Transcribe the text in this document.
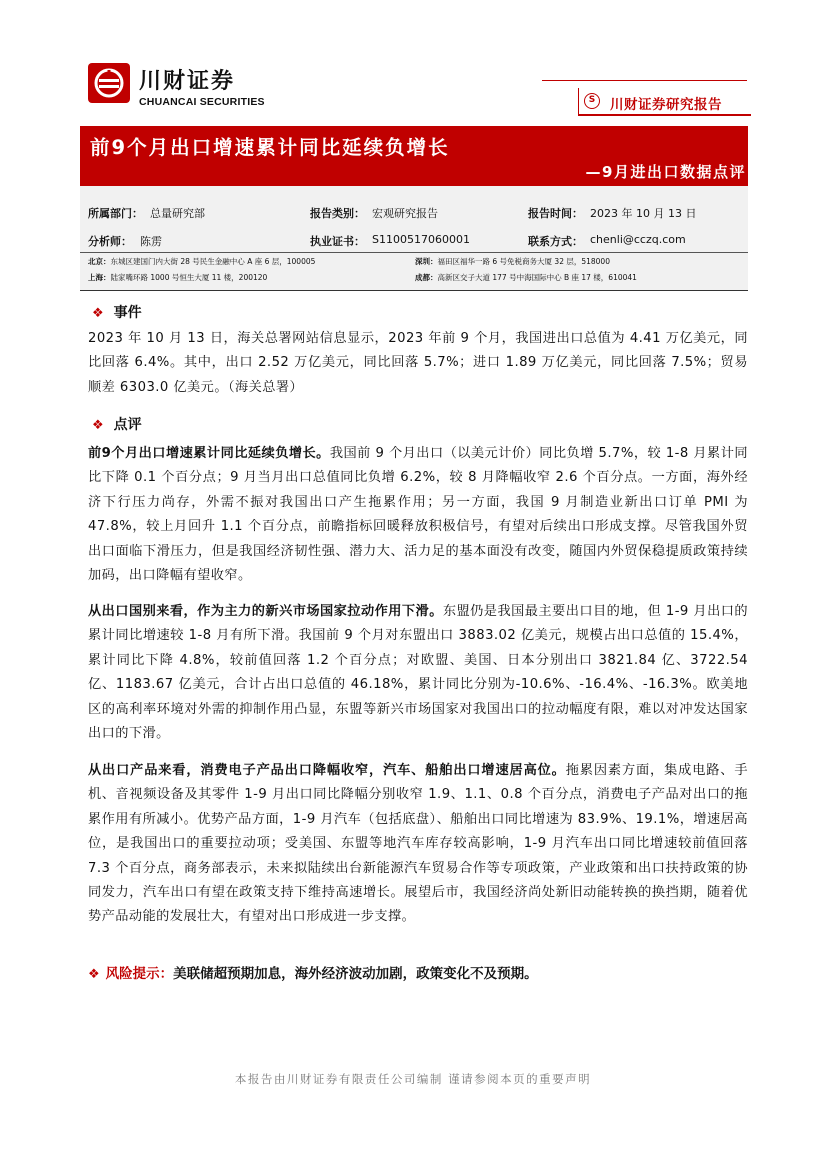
川财证券
CHUANCAI SECURITIES	S	川财证券研究报告
前9个月出口增速累计同比延续负增长
—9月进出口数据点评
所属部门： 总量研究部	报告类别： 宏观研究报告	报告时间： 2023 年 10 月 13 日
分析师： 陈雳	执业证书： S1100517060001	联系方式： chenli@cczq.com
北京：东城区建国门内大街 28 号民生金融中心 A 座 6 层，100005	深圳：福田区福华一路 6 号免税商务大厦 32 层，518000
上海：陆家嘴环路 1000 号恒生大厦 11 楼，200120	成都：高新区交子大道 177 号中海国际中心 B 座 17 楼，610041
❖ 事件
2023 年 10 月 13 日，海关总署网站信息显示，2023 年前 9 个月，我国进出口总值为 4.41 万亿美元，同比回落 6.4%。其中，出口 2.52 万亿美元，同比回落 5.7%；进口 1.89 万亿美元，同比回落 7.5%；贸易顺差 6303.0 亿美元。（海关总署）
❖ 点评
前9个月出口增速累计同比延续负增长。我国前 9 个月出口（以美元计价）同比负增 5.7%，较 1-8 月累计同比下降 0.1 个百分点；9 月当月出口总值同比负增 6.2%，较 8 月降幅收窄 2.6 个百分点。一方面，海外经济下行压力尚存，外需不振对我国出口产生拖累作用；另一方面，我国 9 月制造业新出口订单 PMI 为 47.8%，较上月回升 1.1 个百分点，前瞻指标回暖释放积极信号，有望对后续出口形成支撑。尽管我国外贸出口面临下滑压力，但是我国经济韧性强、潜力大、活力足的基本面没有改变，随国内外贸保稳提质政策持续加码，出口降幅有望收窄。
从出口国别来看，作为主力的新兴市场国家拉动作用下滑。东盟仍是我国最主要出口目的地，但 1-9 月出口的累计同比增速较 1-8 月有所下滑。我国前 9 个月对东盟出口 3883.02 亿美元，规模占出口总值的 15.4%，累计同比下降 4.8%，较前值回落 1.2 个百分点；对欧盟、美国、日本分别出口 3821.84 亿、3722.54 亿、1183.67 亿美元，合计占出口总值的 46.18%，累计同比分别为-10.6%、-16.4%、-16.3%。欧美地区的高利率环境对外需的抑制作用凸显，东盟等新兴市场国家对我国出口的拉动幅度有限，难以对冲发达国家出口的下滑。
从出口产品来看，消费电子产品出口降幅收窄，汽车、船舶出口增速居高位。拖累因素方面，集成电路、手机、音视频设备及其零件 1-9 月出口同比降幅分别收窄 1.9、1.1、0.8 个百分点，消费电子产品对出口的拖累作用有所减小。优势产品方面，1-9 月汽车（包括底盘）、船舶出口同比增速为 83.9%、19.1%，增速居高位，是我国出口的重要拉动项；受美国、东盟等地汽车库存较高影响，1-9 月汽车出口同比增速较前值回落 7.3 个百分点，商务部表示，未来拟陆续出台新能源汽车贸易合作等专项政策，产业政策和出口扶持政策的协同发力，汽车出口有望在政策支持下维持高速增长。展望后市，我国经济尚处新旧动能转换的换挡期，随着优势产品动能的发展壮大，有望对出口形成进一步支撑。
❖ 风险提示：美联储超预期加息，海外经济波动加剧，政策变化不及预期。
本报告由川财证券有限责任公司编制 谨请参阅本页的重要声明
